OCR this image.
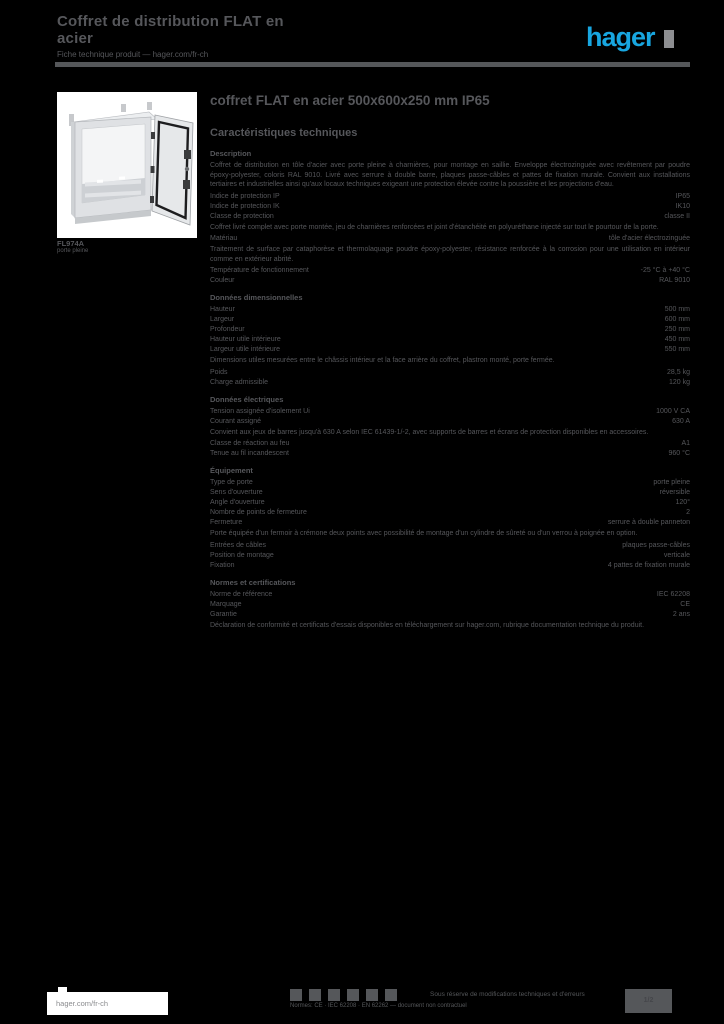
Coffret de distribution FLAT en acier
Fiche technique produit — hager.com/fr-ch
hager
FL974A
porte pleine
coffret FLAT en acier 500x600x250 mm IP65
Caractéristiques techniques
Description
Coffret de distribution en tôle d'acier avec porte pleine à charnières, pour montage en saillie. Enveloppe électrozinguée avec revêtement par poudre époxy-polyester, coloris RAL 9010. Livré avec serrure à double barre, plaques passe-câbles et pattes de fixation murale. Convient aux installations tertiaires et industrielles ainsi qu'aux locaux techniques exigeant une protection élevée contre la poussière et les projections d'eau.
Indice de protection IP	IP65
Indice de protection IK	IK10
Classe de protection	classe II
Coffret livré complet avec porte montée, jeu de charnières renforcées et joint d'étanchéité en polyuréthane injecté sur tout le pourtour de la porte.
Matériau	tôle d'acier électrozinguée
Traitement de surface par cataphorèse et thermolaquage poudre époxy-polyester, résistance renforcée à la corrosion pour une utilisation en intérieur comme en extérieur abrité.
Température de fonctionnement	-25 °C à +40 °C
Couleur	RAL 9010
Données dimensionnelles
Hauteur	500 mm
Largeur	600 mm
Profondeur	250 mm
Hauteur utile intérieure	450 mm
Largeur utile intérieure	550 mm
Dimensions utiles mesurées entre le châssis intérieur et la face arrière du coffret, plastron monté, porte fermée.
Poids	28,5 kg
Charge admissible	120 kg
Données électriques
Tension assignée d'isolement Ui	1000 V CA
Courant assigné	630 A
Convient aux jeux de barres jusqu'à 630 A selon IEC 61439-1/-2, avec supports de barres et écrans de protection disponibles en accessoires.
Classe de réaction au feu	A1
Tenue au fil incandescent	960 °C
Équipement
Type de porte	porte pleine
Sens d'ouverture	réversible
Angle d'ouverture	120°
Nombre de points de fermeture	2
Fermeture	serrure à double panneton
Porte équipée d'un fermoir à crémone deux points avec possibilité de montage d'un cylindre de sûreté ou d'un verrou à poignée en option.
Entrées de câbles	plaques passe-câbles
Position de montage	verticale
Fixation	4 pattes de fixation murale
Normes et certifications
Norme de référence	IEC 62208
Marquage	CE
Garantie	2 ans
Déclaration de conformité et certificats d'essais disponibles en téléchargement sur hager.com, rubrique documentation technique du produit.
hager.com/fr-ch	Normes: CE · IEC 62208 · EN 62262 — document non contractuel
Sous réserve de modifications techniques et d'erreurs
1/2
